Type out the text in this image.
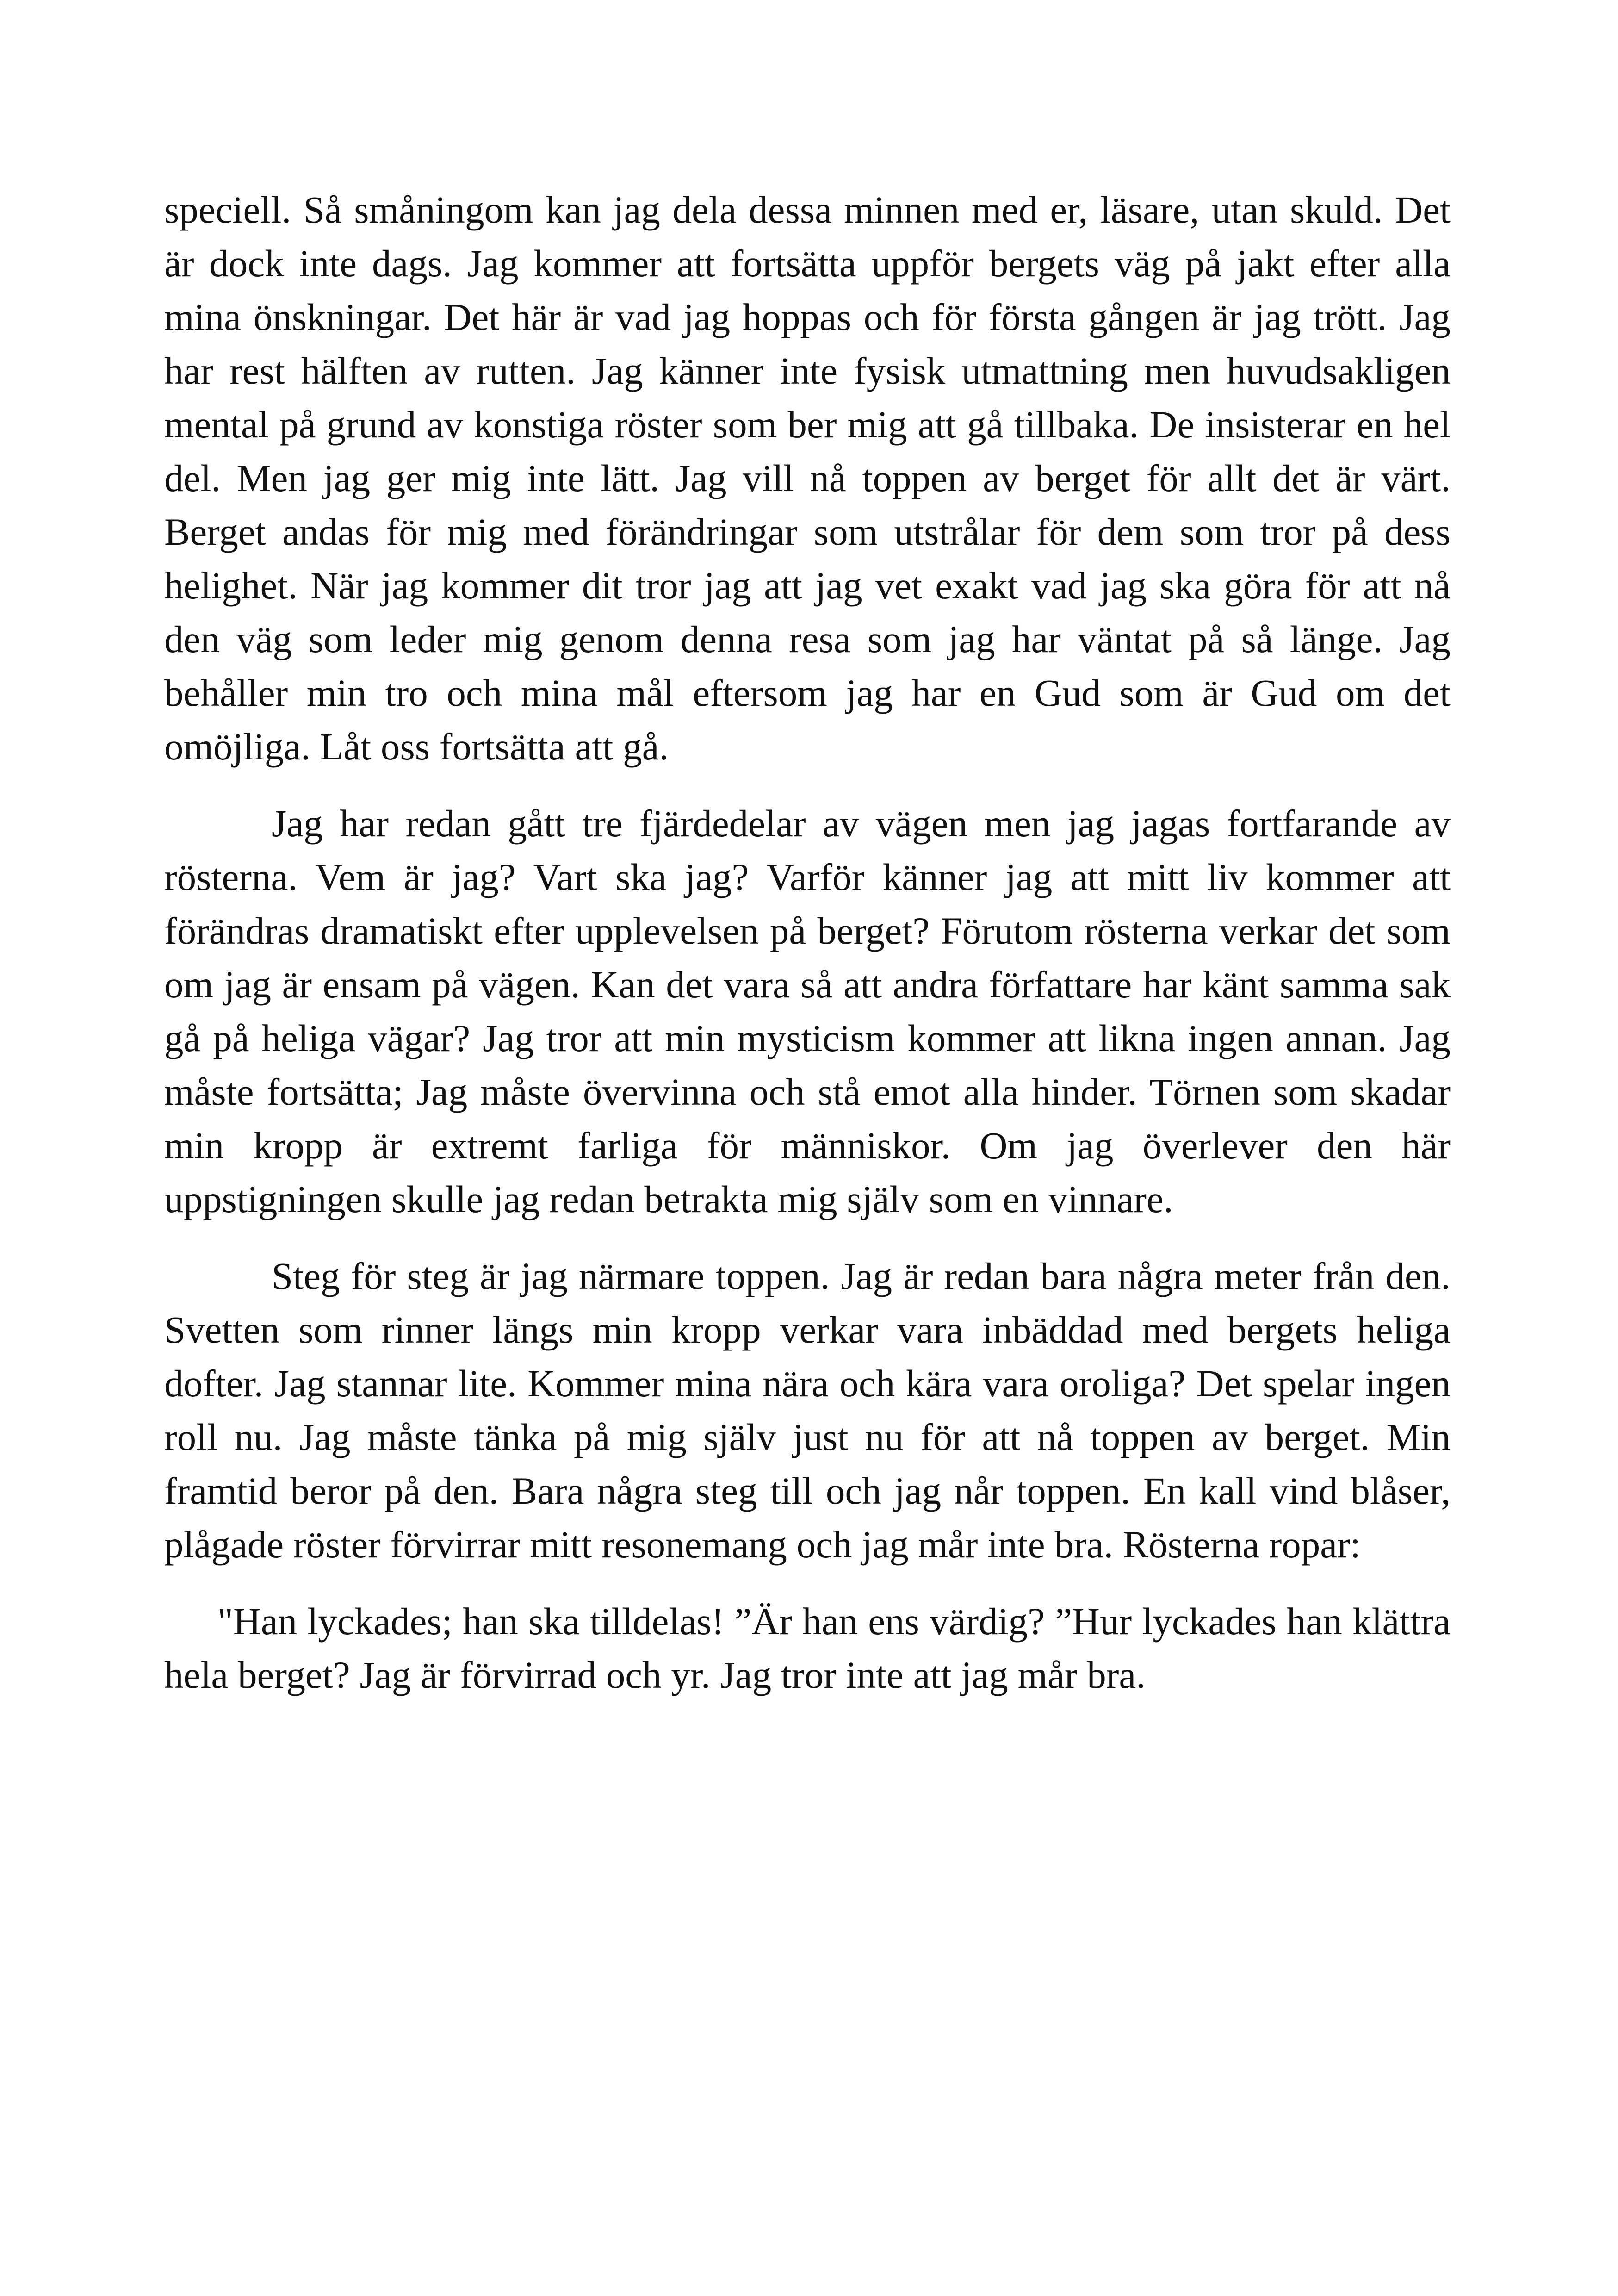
speciell. Så småningom kan jag dela dessa minnen med er, läsare, utan skuld. Det är dock inte dags. Jag kommer att fortsätta uppför bergets väg på jakt efter alla mina önskningar. Det här är vad jag hoppas och för första gången är jag trött. Jag har rest hälften av rutten. Jag känner inte fysisk utmattning men huvudsakligen mental på grund av konstiga röster som ber mig att gå tillbaka. De insisterar en hel del. Men jag ger mig inte lätt. Jag vill nå toppen av berget för allt det är värt. Berget andas för mig med förändringar som utstrålar för dem som tror på dess helighet. När jag kommer dit tror jag att jag vet exakt vad jag ska göra för att nå den väg som leder mig genom denna resa som jag har väntat på så länge. Jag behåller min tro och mina mål eftersom jag har en Gud som är Gud om det omöjliga. Låt oss fortsätta att gå.

Jag har redan gått tre fjärdedelar av vägen men jag jagas fortfarande av rösterna. Vem är jag? Vart ska jag? Varför känner jag att mitt liv kommer att förändras dramatiskt efter upplevelsen på berget? Förutom rösterna verkar det som om jag är ensam på vägen. Kan det vara så att andra författare har känt samma sak gå på heliga vägar? Jag tror att min mysticism kommer att likna ingen annan. Jag måste fortsätta; Jag måste övervinna och stå emot alla hinder. Törnen som skadar min kropp är extremt farliga för människor. Om jag överlever den här uppstigningen skulle jag redan betrakta mig själv som en vinnare.

Steg för steg är jag närmare toppen. Jag är redan bara några meter från den. Svetten som rinner längs min kropp verkar vara inbäddad med bergets heliga dofter. Jag stannar lite. Kommer mina nära och kära vara oroliga? Det spelar ingen roll nu. Jag måste tänka på mig själv just nu för att nå toppen av berget. Min framtid beror på den. Bara några steg till och jag når toppen. En kall vind blåser, plågade röster förvirrar mitt resonemang och jag mår inte bra. Rösterna ropar:

"Han lyckades; han ska tilldelas! ”Är han ens värdig? ”Hur lyckades han klättra hela berget? Jag är förvirrad och yr. Jag tror inte att jag mår bra.
